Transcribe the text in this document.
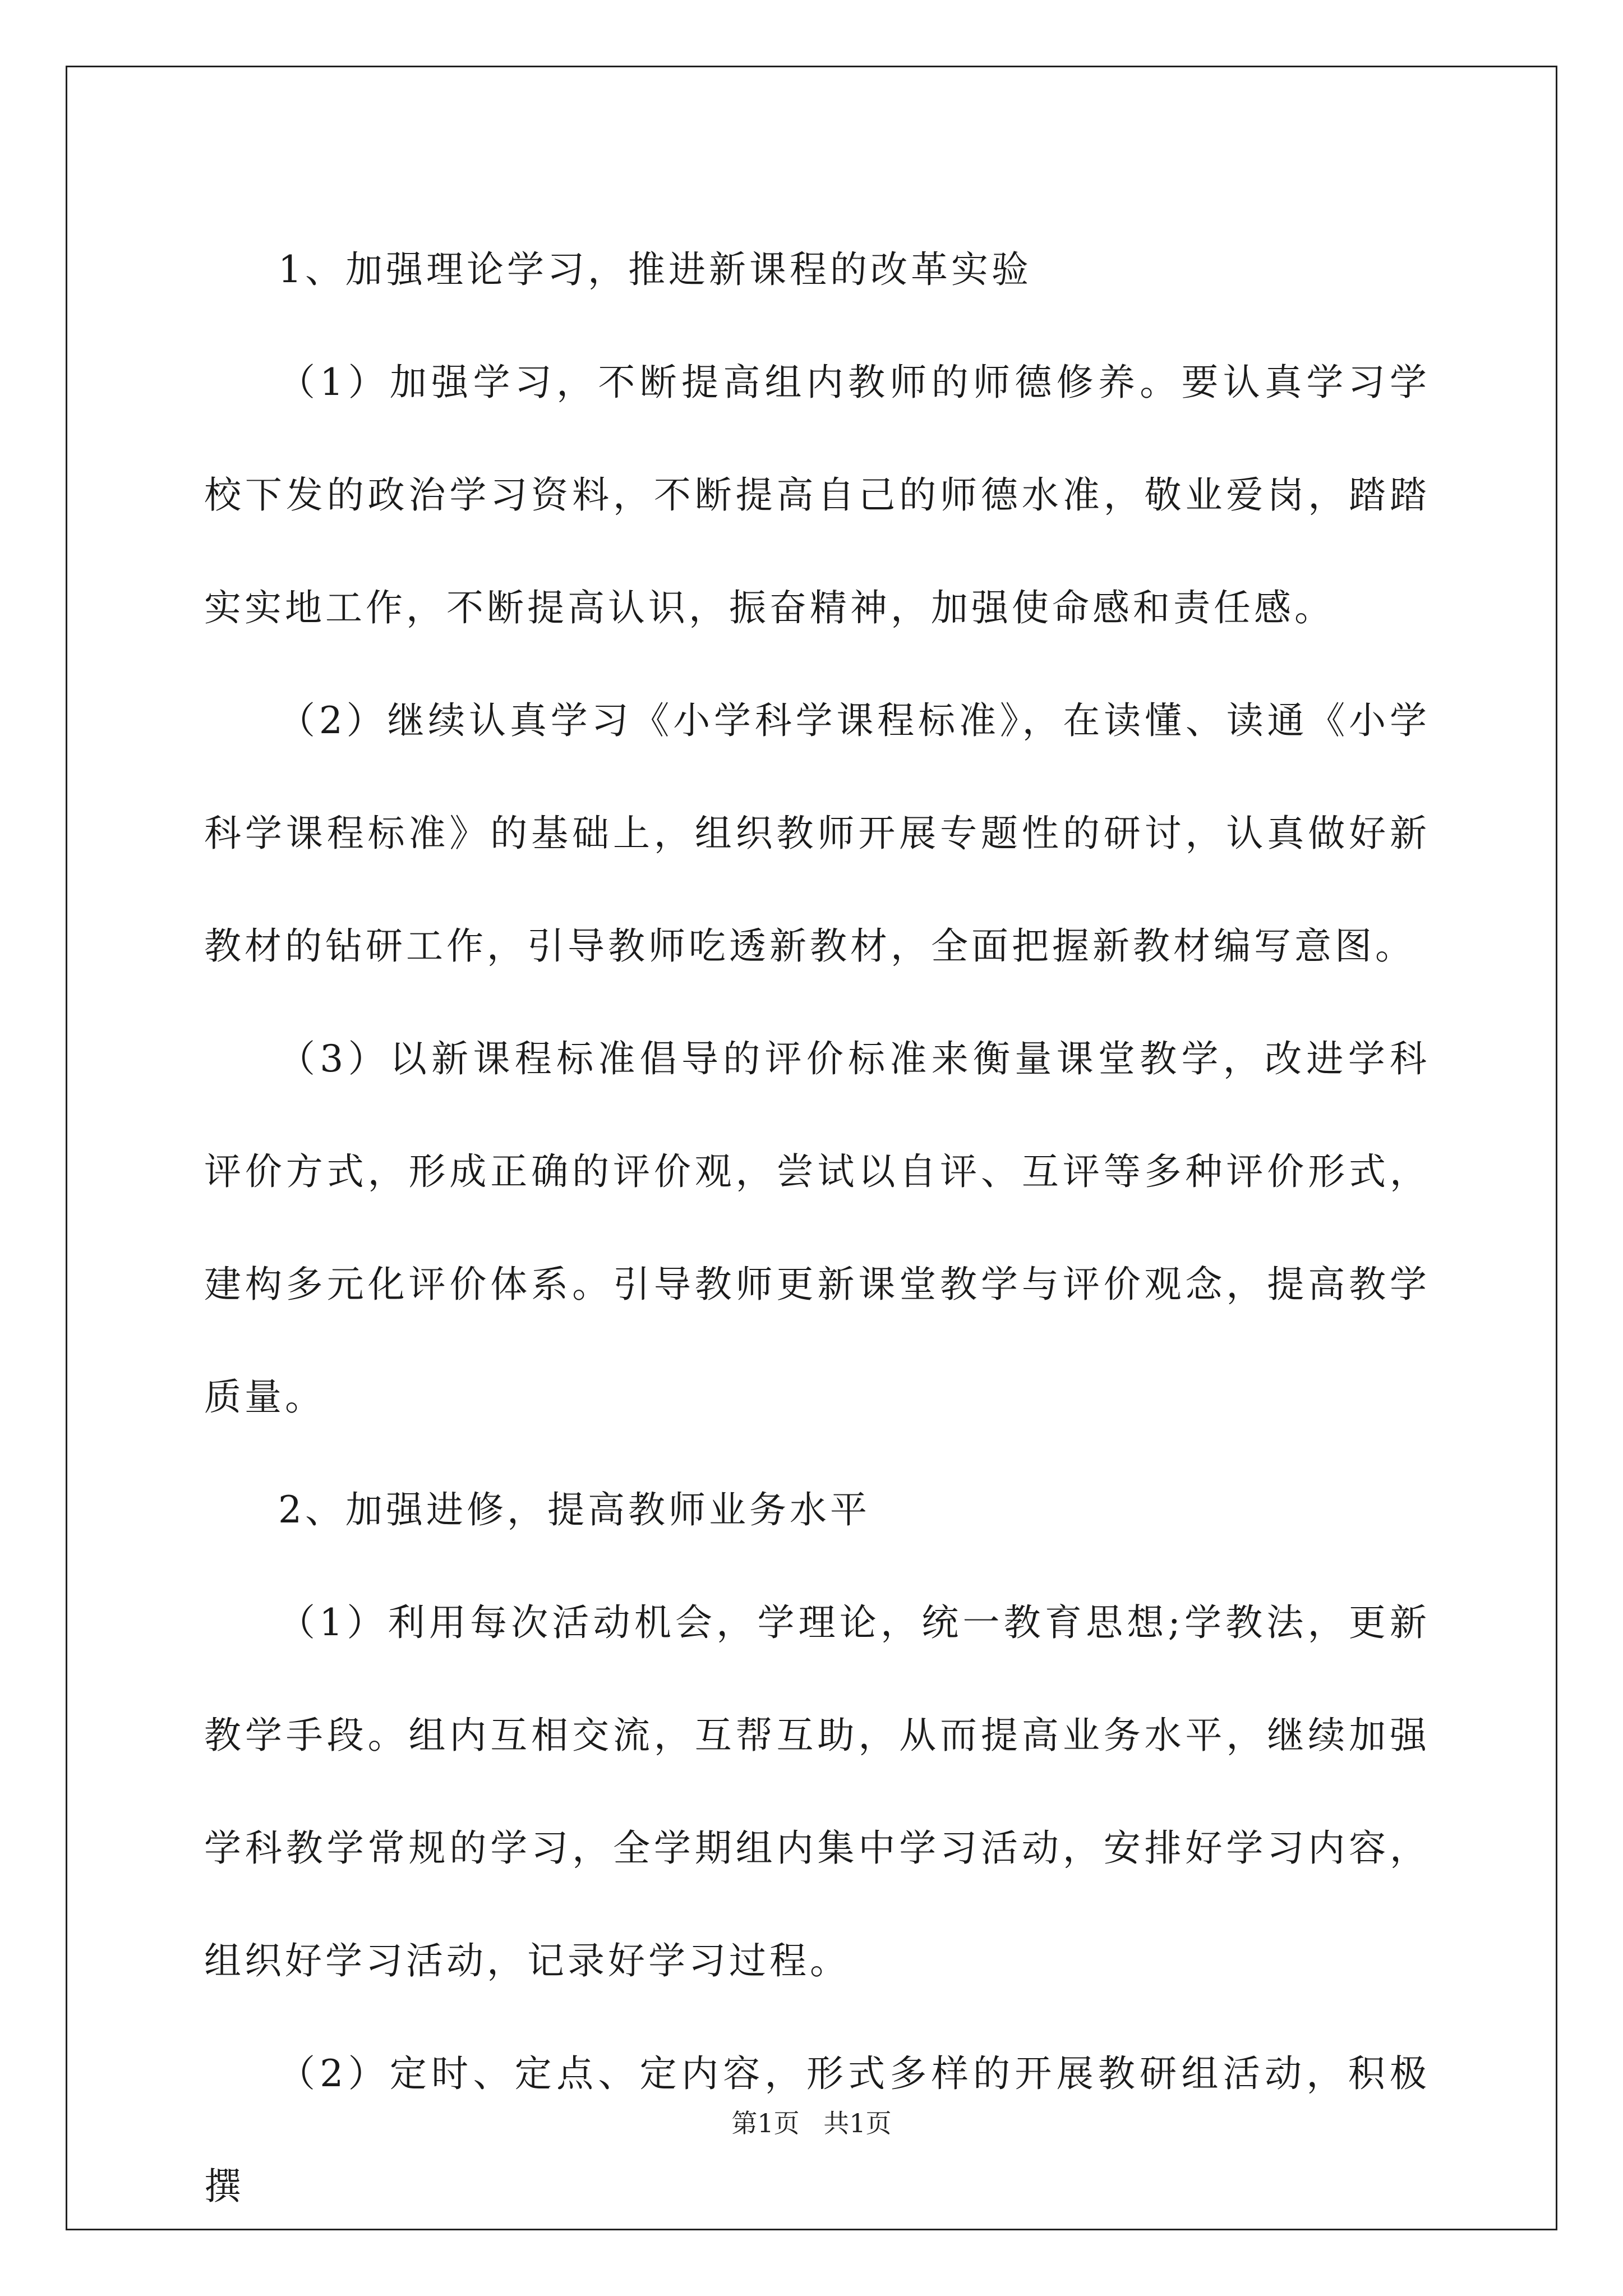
1、加强理论学习，推进新课程的改革实验

（1）加强学习，不断提高组内教师的师德修养。要认真学习学校下发的政治学习资料，不断提高自己的师德水准，敬业爱岗，踏踏实实地工作，不断提高认识，振奋精神，加强使命感和责任感。

（2）继续认真学习《小学科学课程标准》，在读懂、读通《小学科学课程标准》的基础上，组织教师开展专题性的研讨，认真做好新教材的钻研工作，引导教师吃透新教材，全面把握新教材编写意图。

（3）以新课程标准倡导的评价标准来衡量课堂教学，改进学科评价方式，形成正确的评价观，尝试以自评、互评等多种评价形式，建构多元化评价体系。引导教师更新课堂教学与评价观念，提高教学质量。

2、加强进修，提高教师业务水平

（1）利用每次活动机会，学理论，统一教育思想;学教法，更新教学手段。组内互相交流，互帮互助，从而提高业务水平，继续加强学科教学常规的学习，全学期组内集中学习活动，安排好学习内容，组织好学习活动，记录好学习过程。

（2）定时、定点、定内容，形式多样的开展教研组活动，积极撰

第1页 共1页
